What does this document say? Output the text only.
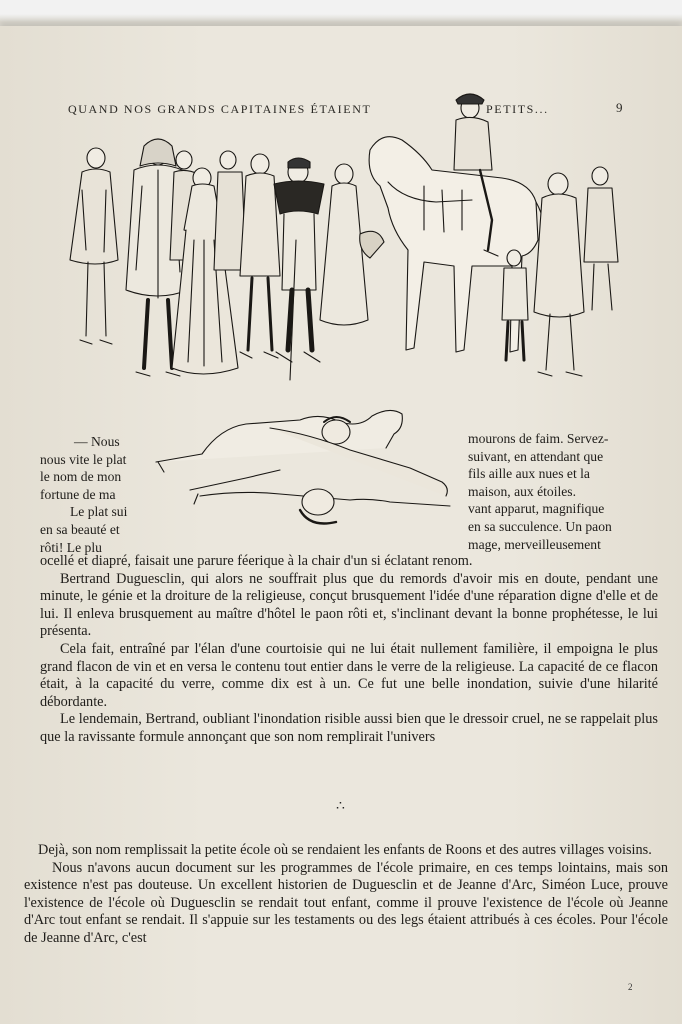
QUAND NOS GRANDS CAPITAINES ÉTAIENT	PETITS...	9
— Nous
nous vite le plat
le nom de mon
fortune de ma
Le plat sui
en sa beauté et
rôti! Le plu
mourons de faim. Servez-
suivant, en attendant que
fils aille aux nues et la
maison, aux étoiles.
vant apparut, magnifique
en sa succulence. Un paon
mage, merveilleusement

ocellé et diapré, faisait une parure féerique à la chair d'un si éclatant renom.

Bertrand Duguesclin, qui alors ne souffrait plus que du remords d'avoir mis en doute, pendant une minute, le génie et la droiture de la religieuse, conçut brusquement l'idée d'une réparation digne d'elle et de lui. Il enleva brusquement au maître d'hôtel le paon rôti et, s'inclinant devant la bonne prophétesse, le lui présenta.

Cela fait, entraîné par l'élan d'une courtoisie qui ne lui était nullement familière, il empoigna le plus grand flacon de vin et en versa le contenu tout entier dans le verre de la religieuse. La capacité de ce flacon était, à la capacité du verre, comme dix est à un. Ce fut une belle inondation, suivie d'une hilarité débordante.

Le lendemain, Bertrand, oubliant l'inondation risible aussi bien que le dressoir cruel, ne se rappelait plus que la ravissante formule annonçant que son nom remplirait l'univers

∴

Dejà, son nom remplissait la petite école où se rendaient les enfants de Roons et des autres villages voisins.

Nous n'avons aucun document sur les programmes de l'école primaire, en ces temps lointains, mais son existence n'est pas douteuse. Un excellent historien de Duguesclin et de Jeanne d'Arc, Siméon Luce, prouve l'existence de l'école où Duguesclin se rendait tout enfant, comme il prouve l'existence de l'école où Jeanne d'Arc tout enfant se rendait. Il s'appuie sur les testaments ou des legs étaient attribués à ces écoles. Pour l'école de Jeanne d'Arc, c'est

2
